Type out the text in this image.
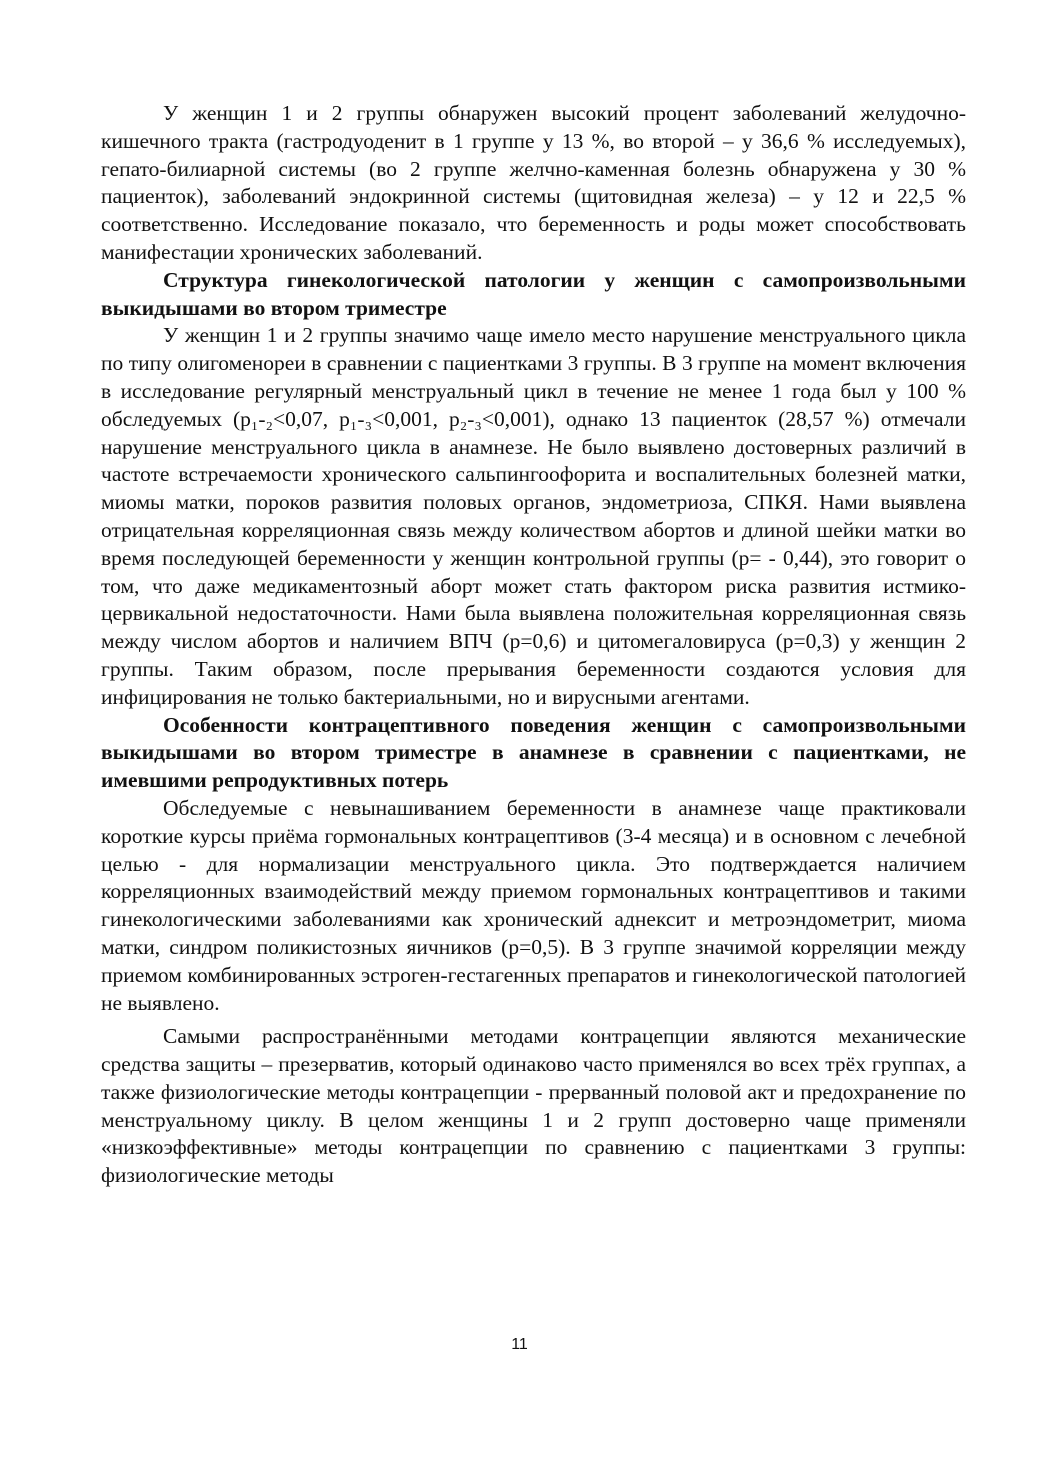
У женщин 1 и 2 группы обнаружен высокий процент заболеваний желудочно-кишечного тракта (гастродуоденит в 1 группе у 13 %, во второй – у 36,6 % исследуемых), гепато-билиарной системы (во 2 группе желчно-каменная болезнь обнаружена у 30 % пациенток), заболеваний эндокринной системы (щитовидная железа) – у 12 и 22,5 % соответственно. Исследование показало, что беременность и роды может способствовать манифестации хронических заболеваний.

Структура гинекологической патологии у женщин с самопроизвольными выкидышами во втором триместре

У женщин 1 и 2 группы значимо чаще имело место нарушение менструального цикла по типу олигоменореи в сравнении с пациентками 3 группы. В 3 группе на момент включения в исследование регулярный менструальный цикл в течение не менее 1 года был у 100 % обследуемых (p₁-₂<0,07, p₁-₃<0,001, p₂-₃<0,001), однако 13 пациенток (28,57 %) отмечали нарушение менструального цикла в анамнезе. Не было выявлено достоверных различий в частоте встречаемости хронического сальпингоофорита и воспалительных болезней матки, миомы матки, пороков развития половых органов, эндометриоза, СПКЯ. Нами выявлена отрицательная корреляционная связь между количеством абортов и длиной шейки матки во время последующей беременности у женщин контрольной группы (р= - 0,44), это говорит о том, что даже медикаментозный аборт может стать фактором риска развития истмико-цервикальной недостаточности. Нами была выявлена положительная корреляционная связь между числом абортов и наличием ВПЧ (р=0,6) и цитомегаловируса (р=0,3) у женщин 2 группы. Таким образом, после прерывания беременности создаются условия для инфицирования не только бактериальными, но и вирусными агентами.

Особенности контрацептивного поведения женщин с самопроизвольными выкидышами во втором триместре в анамнезе в сравнении с пациентками, не имевшими репродуктивных потерь

Обследуемые с невынашиванием беременности в анамнезе чаще практиковали короткие курсы приёма гормональных контрацептивов (3-4 месяца) и в основном с лечебной целью - для нормализации менструального цикла. Это подтверждается наличием корреляционных взаимодействий между приемом гормональных контрацептивов и такими гинекологическими заболеваниями как хронический аднексит и метроэндометрит, миома матки, синдром поликистозных яичников (р=0,5). В 3 группе значимой корреляции между приемом комбинированных эстроген-гестагенных препаратов и гинекологической патологией не выявлено.

Самыми распространёнными методами контрацепции являются механические средства защиты – презерватив, который одинаково часто применялся во всех трёх группах, а также физиологические методы контрацепции - прерванный половой акт и предохранение по менструальному циклу. В целом женщины 1 и 2 групп достоверно чаще применяли «низкоэффективные» методы контрацепции по сравнению с пациентками 3 группы: физиологические методы

11
